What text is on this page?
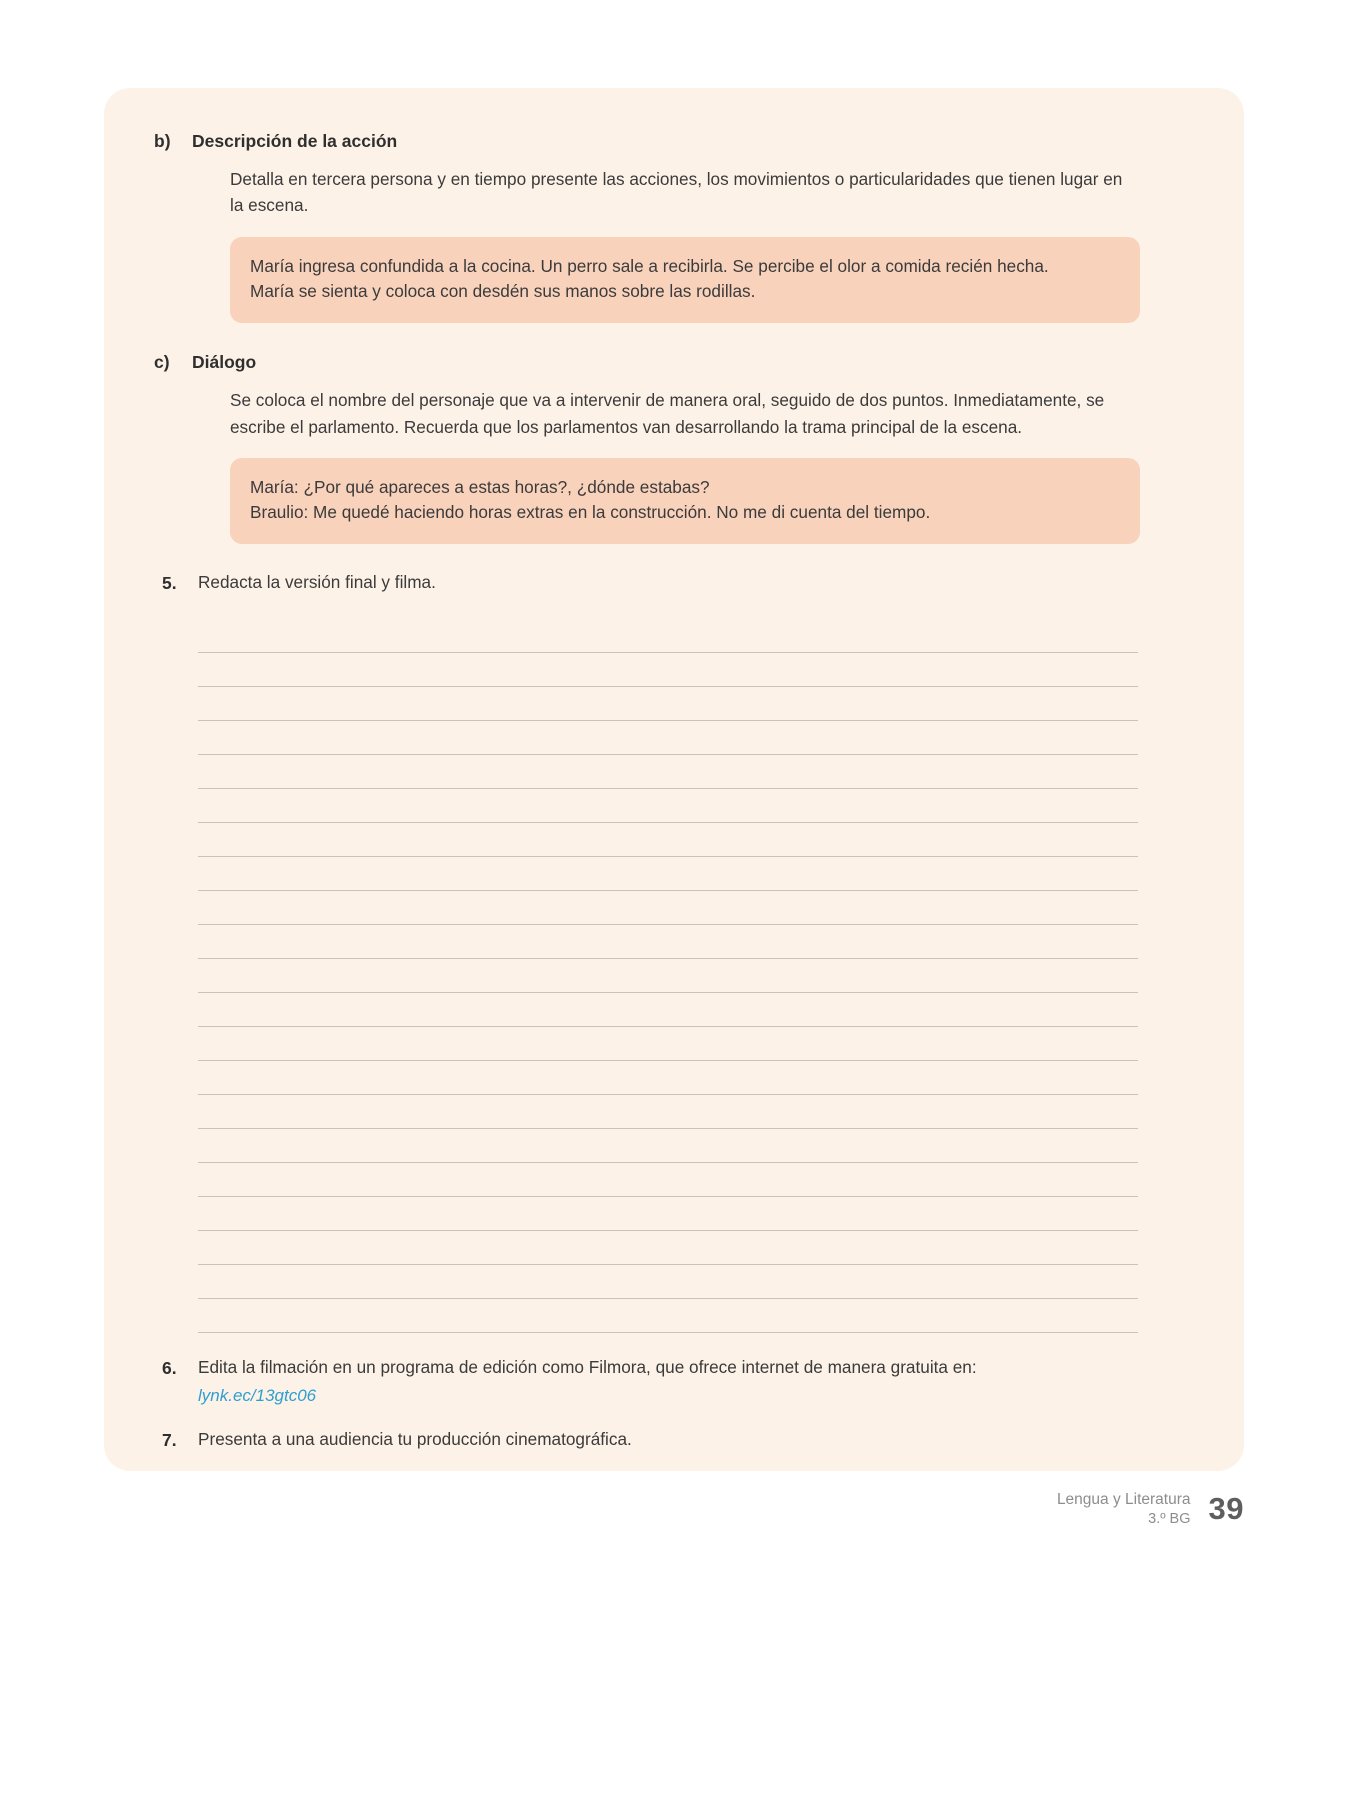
b)	Descripción de la acción

Detalla en tercera persona y en tiempo presente las acciones, los movimientos o particularidades que tienen lugar en la escena.

María ingresa confundida a la cocina. Un perro sale a recibirla. Se percibe el olor a comida recién hecha.
María se sienta y coloca con desdén sus manos sobre las rodillas.
c)	Diálogo

Se coloca el nombre del personaje que va a intervenir de manera oral, seguido de dos puntos. Inmediatamente, se escribe el parlamento. Recuerda que los parlamentos van desarrollando la trama principal de la escena.

María: ¿Por qué apareces a estas horas?, ¿dónde estabas?
Braulio: Me quedé haciendo horas extras en la construcción. No me di cuenta del tiempo.
5.	Redacta la versión final y filma.
6.	Edita la filmación en un programa de edición como Filmora, que ofrece internet de manera gratuita en:
lynk.ec/13gtc06
7.	Presenta a una audiencia tu producción cinematográfica.
Lengua y Literatura
3.º BG 39
